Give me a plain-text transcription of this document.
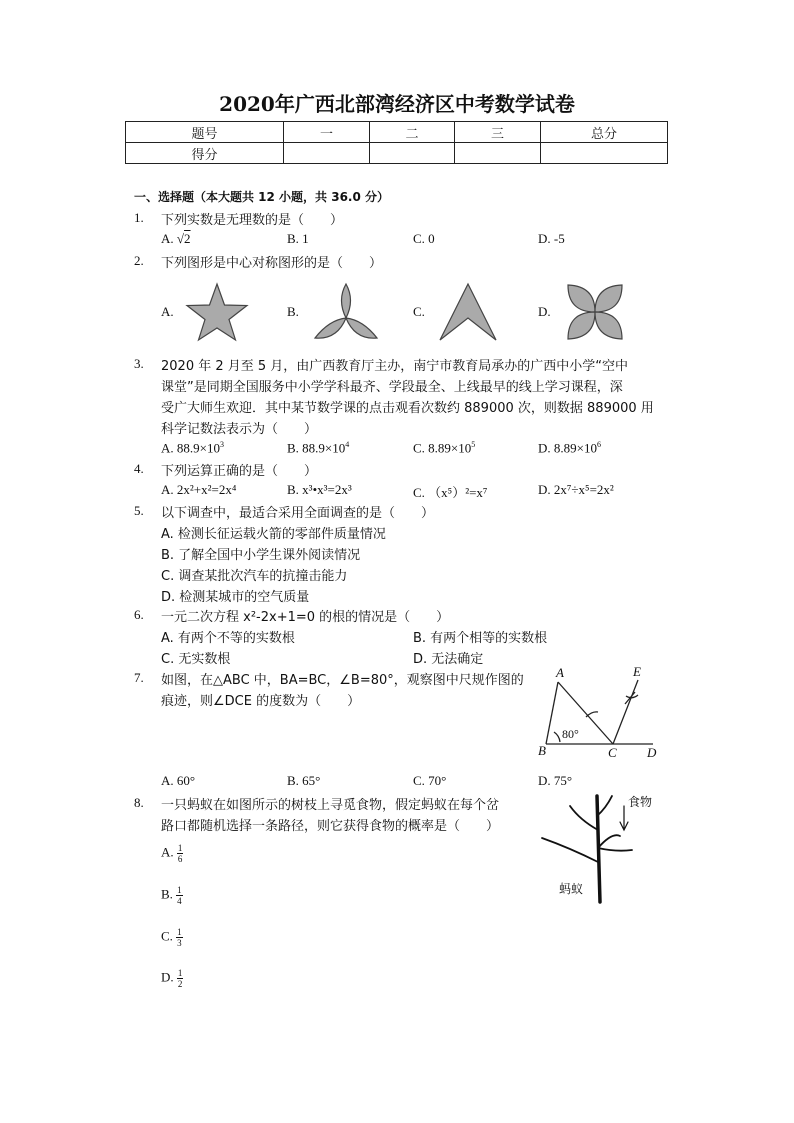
2020年广西北部湾经济区中考数学试卷
题号	一	二	三	总分
得分				
一、选择题（本大题共 12 小题，共 36.0 分）
1. 下列实数是无理数的是（　　）
A. √2	B. 1	C. 0	D. -5
2. 下列图形是中心对称图形的是（　　）
A.	B.	C.	D.
3. 2020 年 2 月至 5 月，由广西教育厅主办，南宁市教育局承办的广西中小学“空中
课堂”是同期全国服务中小学学科最齐、学段最全、上线最早的线上学习课程，深
受广大师生欢迎．其中某节数学课的点击观看次数约 889000 次，则数据 889000 用
科学记数法表示为（　　）
A. $88.9\times 10^3$	B. $88.9\times 10^4$	C. $8.89\times 10^5$	D. $8.89\times 10^6$
4. 下列运算正确的是（　　）
A. 2x²+x²=2x⁴	B. x³•x³=2x³	C. （x⁵）²=x⁷	D. 2x⁷÷x⁵=2x²
5. 以下调查中，最适合采用全面调查的是（　　）
A. 检测长征运载火箭的零部件质量情况
B. 了解全国中小学生课外阅读情况
C. 调查某批次汽车的抗撞击能力
D. 检测某城市的空气质量
6. 一元二次方程 x²-2x+1=0 的根的情况是（　　）
A. 有两个不等的实数根	B. 有两个相等的实数根
C. 无实数根	D. 无法确定
7. 如图，在△ABC 中，BA=BC，∠B=80°，观察图中尺规作图的
痕迹，则∠DCE 的度数为（　　）
A. 60°	B. 65°	C. 70°	D. 75°
A	E
B	C D
80°
8. 一只蚂蚁在如图所示的树枝上寻觅食物，假定蚂蚁在每个岔
路口都随机选择一条路径，则它获得食物的概率是（　　）
A. $\frac{1}{6}$
B. $\frac{1}{4}$
C. $\frac{1}{3}$
D. $\frac{1}{2}$
食物
蚂蚁
